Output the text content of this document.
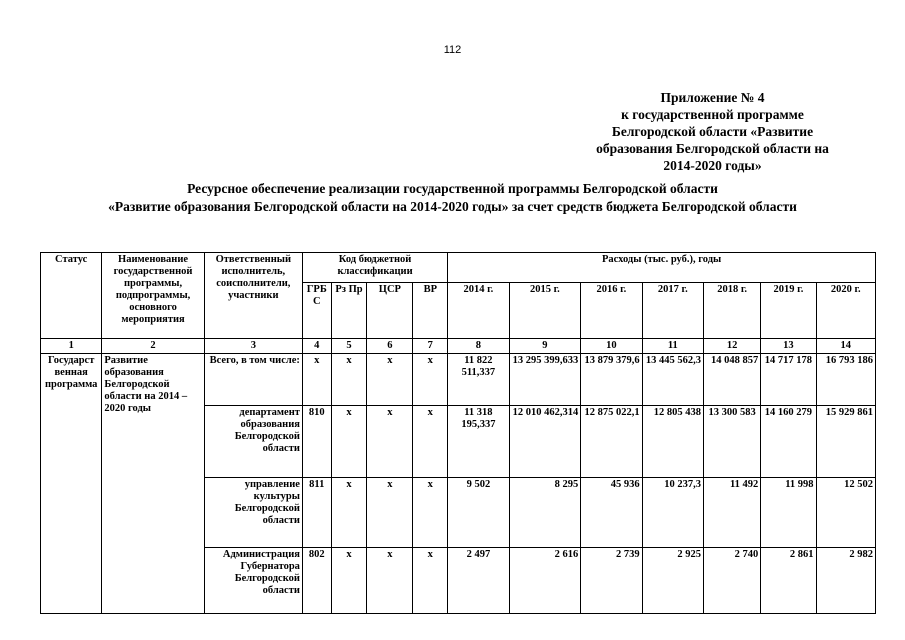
112
Приложение № 4
к государственной программе
Белгородской области «Развитие
образования Белгородской области на
2014-2020 годы»
Ресурсное обеспечение реализации государственной программы Белгородской области
«Развитие образования Белгородской области на 2014-2020 годы» за счет средств бюджета Белгородской области
Статус	Наименование государственной программы, подпрограммы, основного мероприятия	Ответственный исполнитель, соисполнители, участники	Код бюджетной классификации				Расходы (тыс. руб.), годы						
			ГРБ С	Рз Пр	ЦСР	ВР	2014 г.	2015 г.	2016 г.	2017 г.	2018 г.	2019 г.	2020 г.
1	2	3	4	5	6	7	8	9	10	11	12	13	14
Государст венная программа	Развитие образования Белгородской области на 2014 – 2020 годы	Всего, в том числе:	х	х	х	х	11 822 511,337	13 295 399,633	13 879 379,6	13 445 562,3	14 048 857	14 717 178	16 793 186
		департамент образования Белгородской области	810	х	х	х	11 318 195,337	12 010 462,314	12 875 022,1	12 805 438	13 300 583	14 160 279	15 929 861
		управление культуры Белгородской области	811	х	х	х	9 502	8 295	45 936	10 237,3	11 492	11 998	12 502
		Администрация Губернатора Белгородской области	802	х	х	х	2 497	2 616	2 739	2 925	2 740	2 861	2 982
